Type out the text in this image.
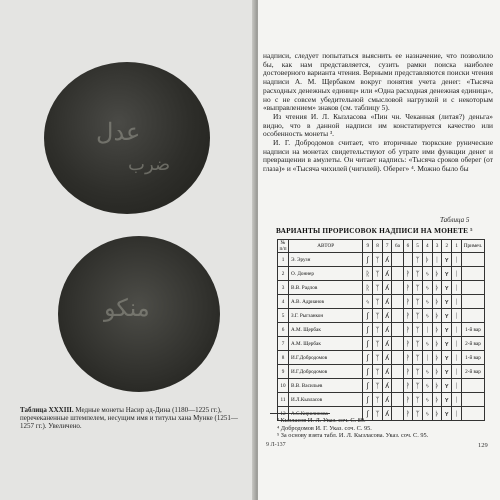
ﻋﺪﻝ
ﺿﺮﺏ
ﻣﻨﻜﻮ
Таблица XXXIII. Медные монеты Насир ад-Дина (1180—1225 гг.), перечеканенные штемпелем, несущим имя и титулы хана Мунке (1251—1257 гг.). Увеличено.

надписи, следует попытаться выяснить ее назначение, что позволило бы, как нам представляется, сузить рамки поиска наиболее достоверного варианта чтения. Верными представляются поиски чтения надписи А. М. Щербаком вокруг понятия учета денег: «Тысяча расходных денежных единиц» или «Одна расходная денежная единица», но с не совсем убедительной смысловой нагрузкой и с некоторым «выправлением» знаков (см. таблицу 5).

Из чтения И. Л. Кызласова «Пин чн. Чеканная (литая?) деньга» видно, что в данной надписи им констатируется качество или особенность монеты ³.

И. Г. Добродомов считает, что вторичные тюркские рунические надписи на монетах свидетельствуют об утрате ими функции денег и превращении в амулеты. Он читает надпись: «Тысяча сроков оберег (от глаза)» и «Тысяча чихилей (чигилей). Оберег» ⁴. Можно было бы

Таблица 5
ВАРИАНТЫ ПРОРИСОВОК НАДПИСИ НА МОНЕТЕ ⁵
№ п/п	АВТОР	9	8	7	6а	6	5	4	3	2	1	Примеч.
1	Э. Эрузн	ʃ	ᛉ	ʎ			ᛉ	ᚦ	ᛁ	ʏ	ᛁ	
2	О. Доннер	ᚱ	ᛉ	ʎ		ᚹ	ᛉ	ᛃ	ᚦ	ʏ	ᛁ	
3	В.В. Радлов	ᚱ	ᛉ	ʎ		ᚹ	ᛉ	ᛃ	ᚦ	ʏ	ᛁ	
4	А.В. Адрианов	ᛃ	ᛉ	ʎ		ᚹ	ᛉ	ᛃ	ᚦ	ʏ	ᛁ	
5	З.Г. Рыгзанкон	ʃ	ᛉ	ʎ		ᚹ	ᛉ	ᛃ	ᚦ	ʏ	ᛁ	
6	А.М. Щербак	ʃ	ᛉ	ʎ		ᚹ	ᛉ	ᛁ	ᚦ	ʏ	ᛁ	1-й вар
7	А.М. Щербак	ʃ	ᛉ	ʎ		ᚹ	ᛉ	ᛃ	ᚦ	ʏ	ᛁ	2-й вар
8	И.Г.Добродомов	ʃ	ᛉ	ʎ		ᚹ	ᛉ	ᛁ	ᚦ	ʏ	ᛁ	1-й вар
9	И.Г.Добродомов	ʃ	ᛉ	ʎ		ᚹ	ᛉ	ᛃ	ᚦ	ʏ	ᛁ	2-й вар
10	В.В. Васильев	ʃ	ᛉ	ʎ		ᚹ	ᛉ	ᛃ	ᚦ	ʏ	ᛁ	
11	И.Л.Кызласов	ʃ	ᛉ	ʎ		ᚹ	ᛉ	ᛃ	ᚦ	ʏ	ᛁ	
12	А.С.Кирилинова	ʃ	ᛉ	ʎ		ᚹ	ᛉ	ᛃ	ᚦ	ʏ	ᛁ	
³ Кызласов И. Л. Указ. соч. С. 89.
⁴ Добродомов И. Г. Указ. соч. С. 95.
⁵ За основу взята табл. И. Л. Кызласова. Указ. соч. С. 95.
9 Л-137	129
